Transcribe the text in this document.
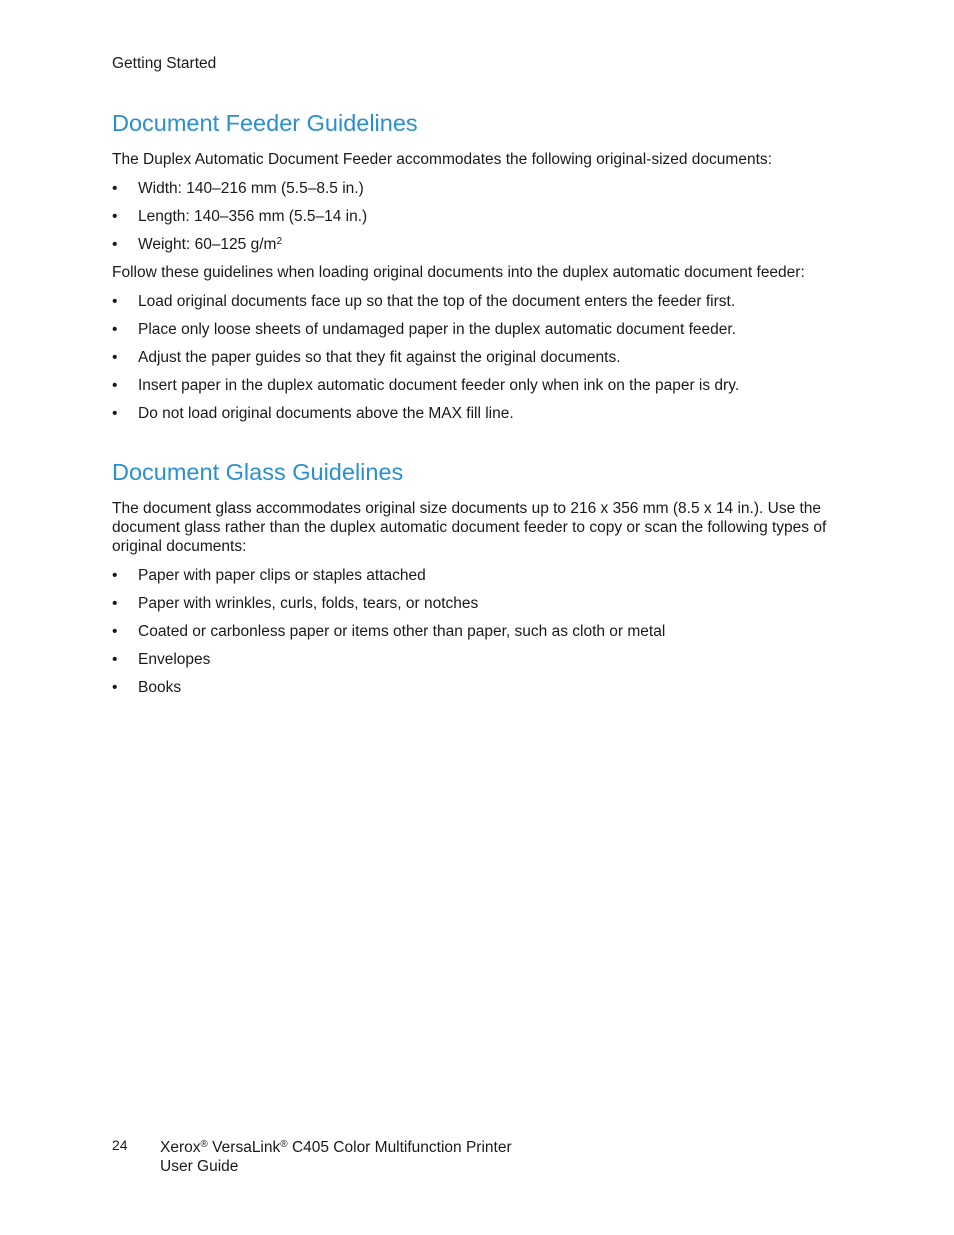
Getting Started
Document Feeder Guidelines

The Duplex Automatic Document Feeder accommodates the following original-sized documents:

• Width: 140–216 mm (5.5–8.5 in.)
• Length: 140–356 mm (5.5–14 in.)
• Weight: 60–125 $g/m^2$

Follow these guidelines when loading original documents into the duplex automatic document feeder:

• Load original documents face up so that the top of the document enters the feeder first.
• Place only loose sheets of undamaged paper in the duplex automatic document feeder.
• Adjust the paper guides so that they fit against the original documents.
• Insert paper in the duplex automatic document feeder only when ink on the paper is dry.
• Do not load original documents above the MAX fill line.
Document Glass Guidelines

The document glass accommodates original size documents up to 216 x 356 mm (8.5 x 14 in.). Use the document glass rather than the duplex automatic document feeder to copy or scan the following types of original documents:

• Paper with paper clips or staples attached
• Paper with wrinkles, curls, folds, tears, or notches
• Coated or carbonless paper or items other than paper, such as cloth or metal
• Envelopes
• Books
24 Xerox® VersaLink® C405 Color Multifunction Printer
User Guide
